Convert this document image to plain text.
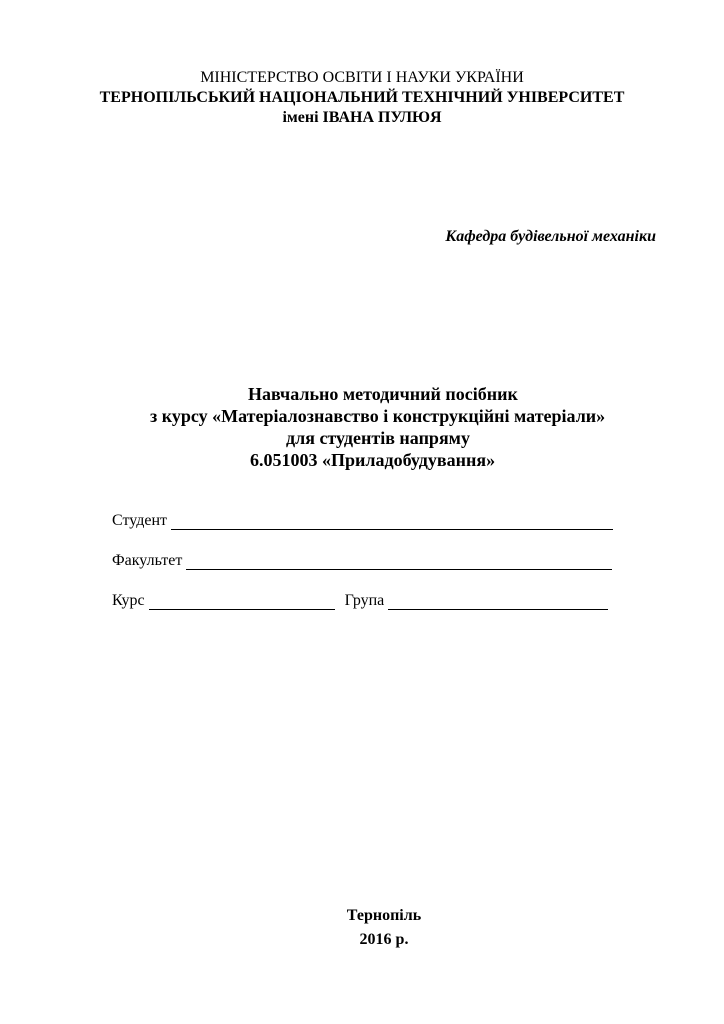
МІНІСТЕРСТВО ОСВІТИ І НАУКИ УКРАЇНИ
ТЕРНОПІЛЬСЬКИЙ НАЦІОНАЛЬНИЙ ТЕХНІЧНИЙ УНІВЕРСИТЕТ
імені ІВАНА ПУЛЮЯ
Кафедра будівельної механіки
Навчально методичний посібник
з курсу «Матеріалознавство і конструкційні матеріали»
для студентів напряму
6.051003 «Приладобудування»
Студент
Факультет
Курс	Група
Тернопіль
2016 р.
